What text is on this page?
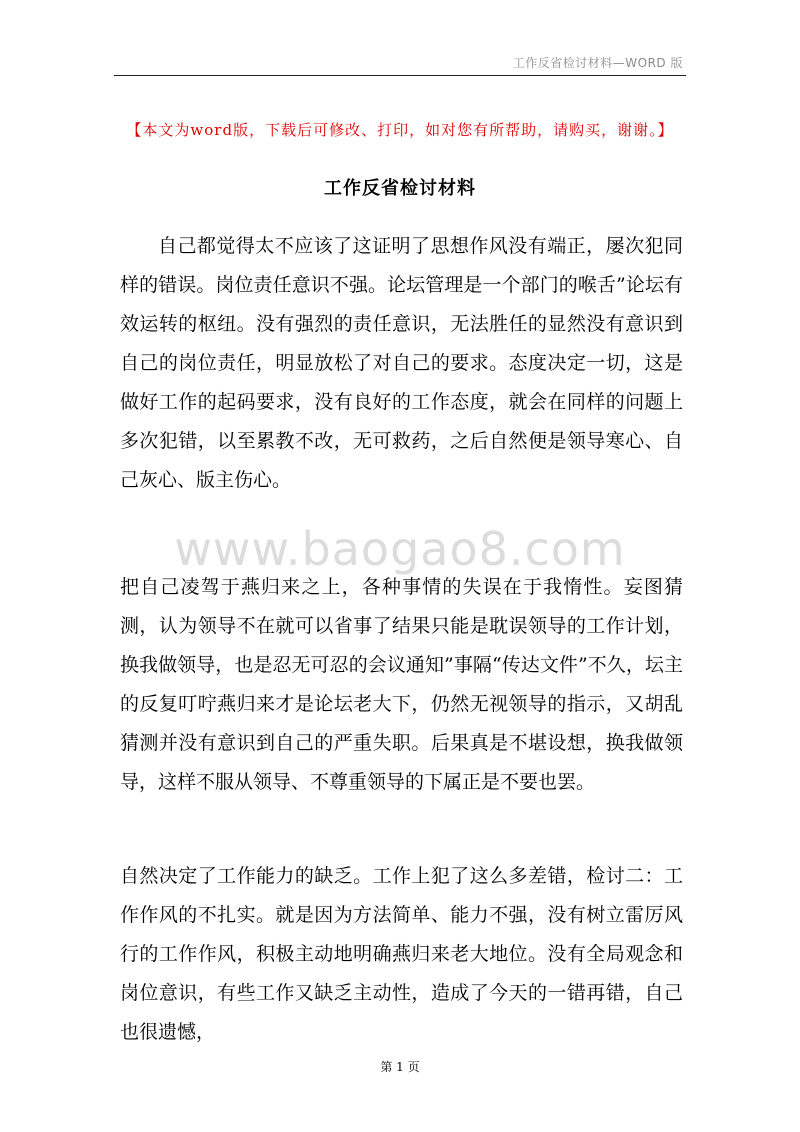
工作反省检讨材料—WORD 版
【本文为word版，下载后可修改、打印，如对您有所帮助，请购买，谢谢。】
工作反省检讨材料

自己都觉得太不应该了这证明了思想作风没有端正，屡次犯同样的错误。岗位责任意识不强。论坛管理是一个部门的喉舌”论坛有效运转的枢纽。没有强烈的责任意识，无法胜任的显然没有意识到自己的岗位责任，明显放松了对自己的要求。态度决定一切，这是做好工作的起码要求，没有良好的工作态度，就会在同样的问题上多次犯错，以至累教不改，无可救药，之后自然便是领导寒心、自己灰心、版主伤心。

www.baogao8.com

把自己凌驾于燕归来之上，各种事情的失误在于我惰性。妄图猜测，认为领导不在就可以省事了结果只能是耽误领导的工作计划，换我做领导，也是忍无可忍的会议通知”事隔“传达文件”不久，坛主的反复叮咛燕归来才是论坛老大下，仍然无视领导的指示，又胡乱猜测并没有意识到自己的严重失职。后果真是不堪设想，换我做领导，这样不服从领导、不尊重领导的下属正是不要也罢。

自然决定了工作能力的缺乏。工作上犯了这么多差错，检讨二：工作作风的不扎实。就是因为方法简单、能力不强，没有树立雷厉风行的工作作风，积极主动地明确燕归来老大地位。没有全局观念和岗位意识，有些工作又缺乏主动性，造成了今天的一错再错，自己也很遗憾，

第 1 页
